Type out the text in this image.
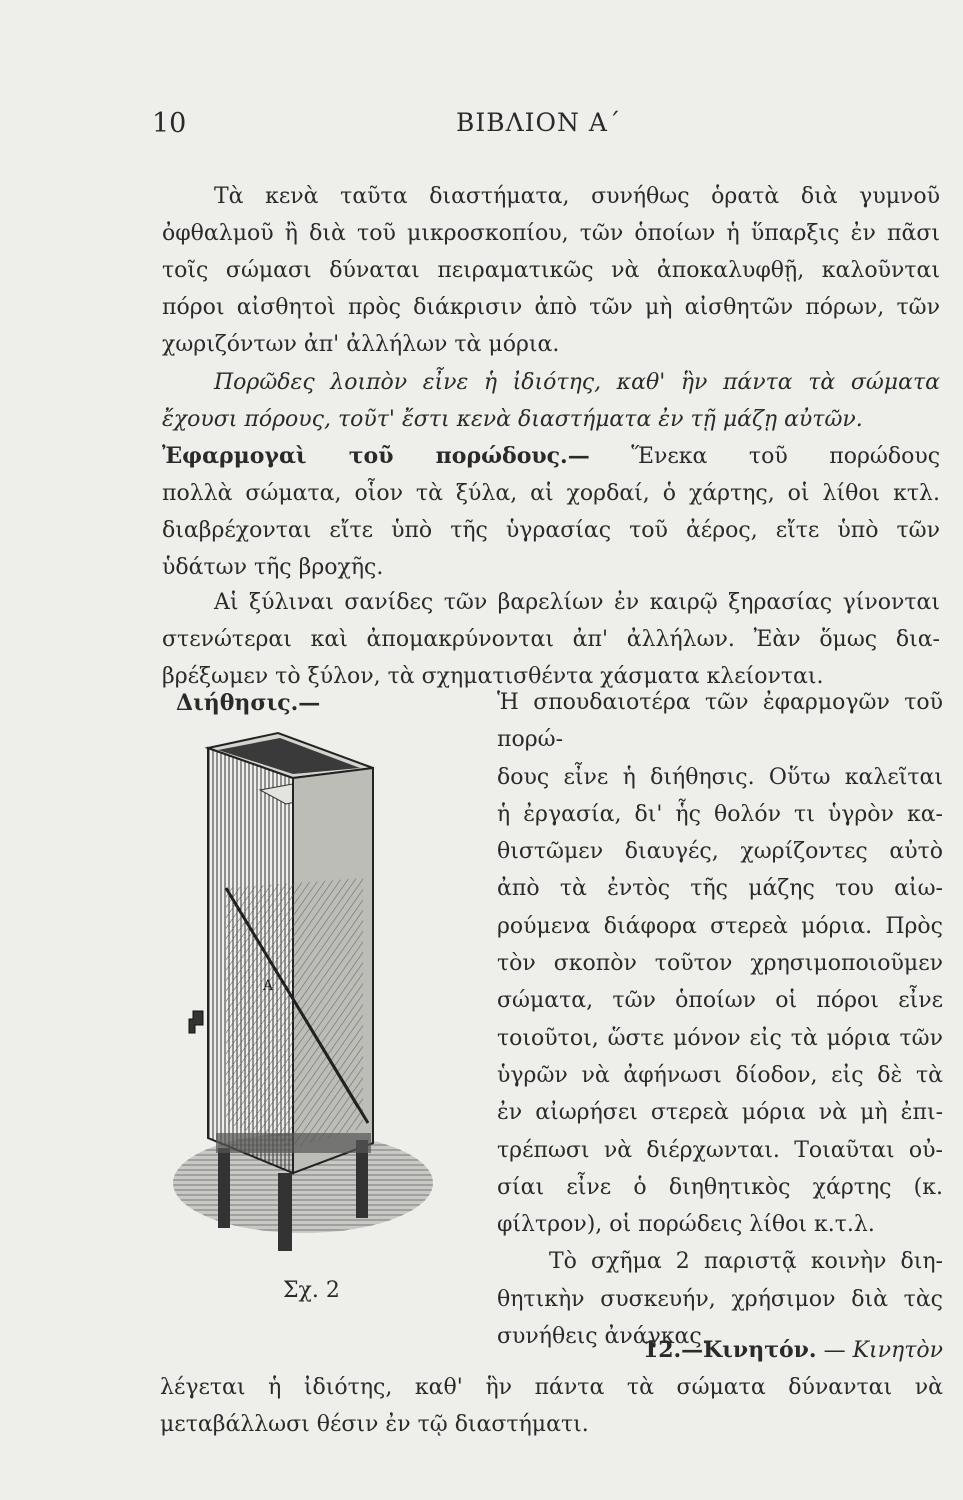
10	ΒΙΒΛΙΟΝ Α΄

Τὰ κενὰ ταῦτα διαστήματα, συνήθως ὁρατὰ διὰ γυμνοῦ

ὀφθαλμοῦ ἢ διὰ τοῦ μικροσκοπίου, τῶν ὁποίων ἡ ὕπαρξις ἐν πᾶσι

τοῖς σώμασι δύναται πειραματικῶς νὰ ἀποκαλυφθῇ, καλοῦνται

πόροι αἰσθητοὶ πρὸς διάκρισιν ἀπὸ τῶν μὴ αἰσθητῶν πόρων, τῶν

χωριζόντων ἀπ' ἀλλήλων τὰ μόρια.

Πορῶδες λοιπὸν εἶνε ἡ ἰδιότης, καθ' ἣν πάντα τὰ σώματα

ἔχουσι πόρους, τοῦτ' ἔστι κενὰ διαστήματα ἐν τῇ μάζῃ αὐτῶν.

Ἐφαρμογαὶ τοῦ πορώδους.— Ἕνεκα τοῦ πορώδους

πολλὰ σώματα, οἷον τὰ ξύλα, αἱ χορδαί, ὁ χάρτης, οἱ λίθοι κτλ.

διαβρέχονται εἴτε ὑπὸ τῆς ὑγρασίας τοῦ ἀέρος, εἴτε ὑπὸ τῶν

ὑδάτων τῆς βροχῆς.

Αἱ ξύλιναι σανίδες τῶν βαρελίων ἐν καιρῷ ξηρασίας γίνονται

στενώτεραι καὶ ἀπομακρύνονται ἀπ' ἀλλήλων. Ἐὰν ὅμως δια-

βρέξωμεν τὸ ξύλον, τὰ σχηματισθέντα χάσματα κλείονται.

Διήθησις.—	Ἡ σπουδαιοτέρα τῶν ἐφαρμογῶν τοῦ πορώ-

δους εἶνε ἡ διήθησις. Οὕτω καλεῖται

ἡ ἐργασία, δι' ἧς θολόν τι ὑγρὸν κα-

θιστῶμεν διαυγές, χωρίζοντες αὐτὸ

ἀπὸ τὰ ἐντὸς τῆς μάζης του αἰω-

ρούμενα διάφορα στερεὰ μόρια. Πρὸς

τὸν σκοπὸν τοῦτον χρησιμοποιοῦμεν

σώματα, τῶν ὁποίων οἱ πόροι εἶνε

τοιοῦτοι, ὥστε μόνον εἰς τὰ μόρια τῶν

ὑγρῶν νὰ ἀφήνωσι δίοδον, εἰς δὲ τὰ

ἐν αἰωρήσει στερεὰ μόρια νὰ μὴ ἐπι-

τρέπωσι νὰ διέρχωνται. Τοιαῦται οὐ-

σίαι εἶνε ὁ διηθητικὸς χάρτης (κ.

φίλτρον), οἱ πορώδεις λίθοι κ.τ.λ.

Τὸ σχῆμα 2 παριστᾷ κοινὴν διη-

θητικὴν συσκευήν, χρήσιμον διὰ τὰς

συνήθεις ἀνάγκας.

A
Σχ. 2

12.—Κινητόν. — Κινητὸν

λέγεται ἡ ἰδιότης, καθ' ἣν πάντα τὰ σώματα δύνανται νὰ

μεταβάλλωσι θέσιν ἐν τῷ διαστήματι.
